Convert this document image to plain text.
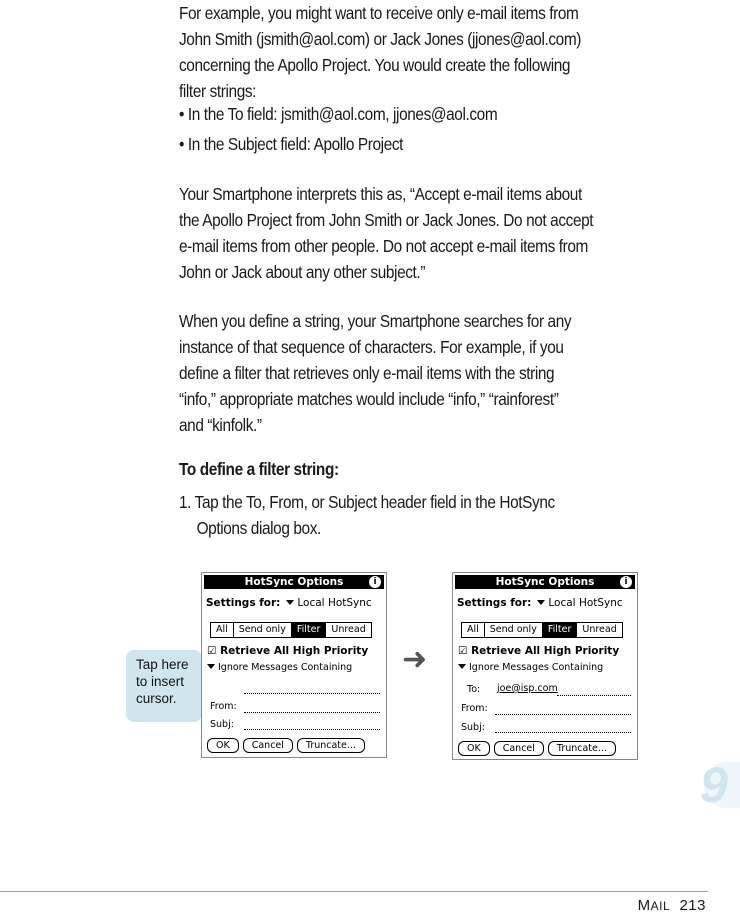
For example, you might want to receive only e-mail items from
John Smith (jsmith@aol.com) or Jack Jones (jjones@aol.com)
concerning the Apollo Project. You would create the following
filter strings:
• In the To field: jsmith@aol.com, jjones@aol.com
• In the Subject field: Apollo Project
Your Smartphone interprets this as, “Accept e-mail items about
the Apollo Project from John Smith or Jack Jones. Do not accept
e-mail items from other people. Do not accept e-mail items from
John or Jack about any other subject.”
When you define a string, your Smartphone searches for any
instance of that sequence of characters. For example, if you
define a filter that retrieves only e-mail items with the string
“info,” appropriate matches would include “info,” “rainforest”
and “kinfolk.”
To define a filter string:
1. Tap the To, From, or Subject header field in the HotSync
Options dialog box.
Tap here
to insert
cursor.
HotSync Options	i
Settings for: Local HotSync
All	Send only	Filter	Unread
☑ Retrieve All High Priority
Ignore Messages Containing
From:
Subj:
OK	Cancel	Truncate...
➜
HotSync Options	i
Settings for: Local HotSync
All	Send only	Filter	Unread
☑ Retrieve All High Priority
Ignore Messages Containing
To: joe@isp.com
From:
Subj:
OK	Cancel	Truncate...
9
MAIL 213
